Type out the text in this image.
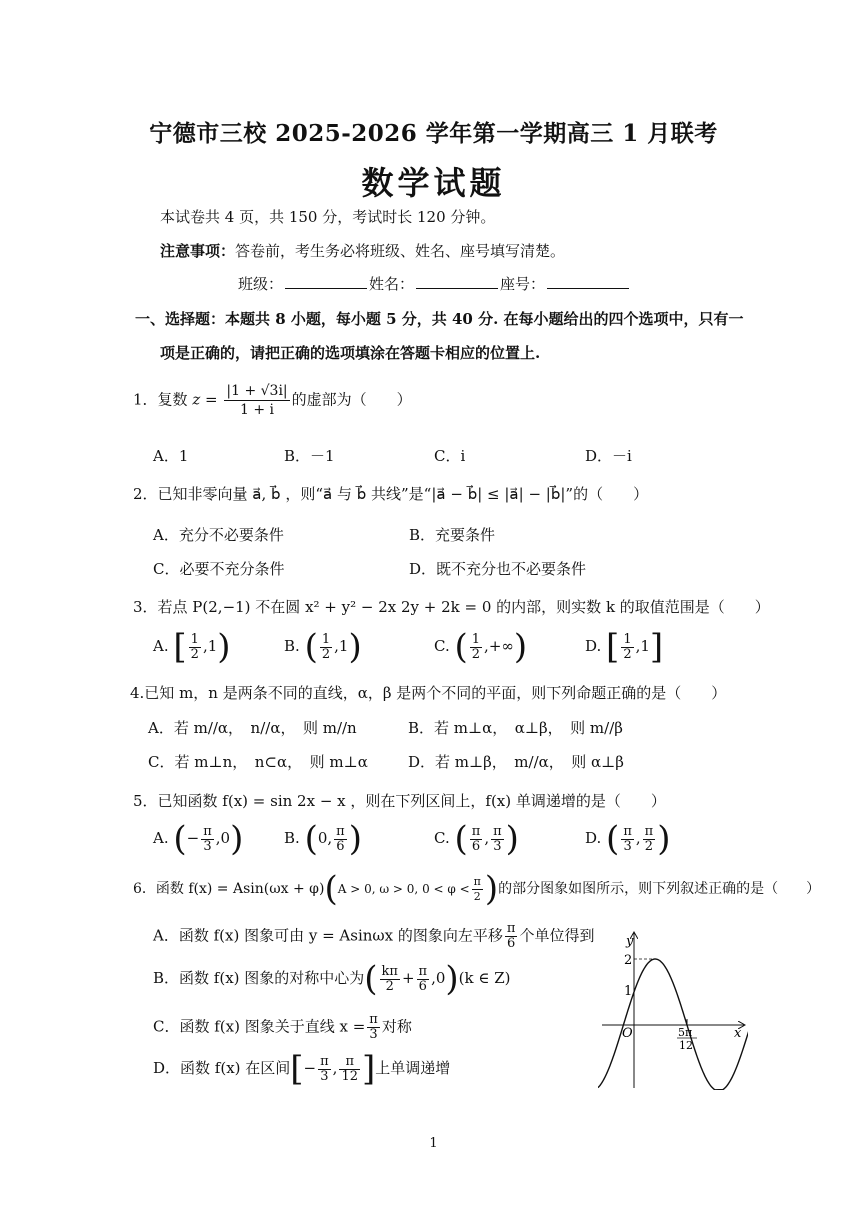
宁德市三校 2025-2026 学年第一学期高三 1 月联考
数学试题
本试卷共 4 页，共 150 分，考试时长 120 分钟。
注意事项：答卷前，考生务必将班级、姓名、座号填写清楚。
班级：	姓名：	座号：
一、选择题：本题共 8 小题，每小题 5 分，共 40 分. 在每小题给出的四个选项中，只有一
项是正确的，请把正确的选项填涂在答题卡相应的位置上.
1．复数 $z = \frac{|1 + √3i|}{1 + i}$ 的虚部为（　　）
A．1	B．－1	C．i	D．－i
2．已知非零向量 a⃗, b⃗ ，则“a⃗ 与 b⃗ 共线”是“|a⃗ − b⃗| ≤ |a⃗| − |b⃗|”的（　　）
A．充分不必要条件	B．充要条件
C．必要不充分条件	D．既不充分也不必要条件
3．若点 P(2,−1) 不在圆 x² + y² − 2x 2y + 2k = 0 的内部，则实数 k 的取值范围是（　　）
A. [ $\frac{1}{2} ,1$)	B. ( $\frac{1}{2} ,1$)	C. ( $\frac{1}{2}$ ,+∞)	D. [ $\frac{1}{2} ,1$]
4.已知 m，n 是两条不同的直线，α，β 是两个不同的平面，则下列命题正确的是（　　）
A．若 m//α，　n//α，　则 m//n	B．若 m⊥α，　α⊥β，　则 m//β
C．若 m⊥n，　n⊂α，　则 m⊥α	D．若 m⊥β，　m//α，　则 α⊥β
5．已知函数 f(x) = sin 2x − x ，则在下列区间上，f(x) 单调递增的是（　　）
A. (− $\frac{\pi}{3} ,0$)	B. (0, $\frac{\pi}{6}$ )	C. ( $\frac{\pi}{6}$ , $\frac{\pi}{3}$ )	D. ( $\frac{\pi}{3}$ , $\frac{\pi}{2}$ )
6．函数 f(x) = Asin(ωx + φ)(A > 0, ω > 0, $0 < \varphi < \frac{\pi}{2}$ )的部分图象如图所示，则下列叙述正确的是（　　）
A．函数 f(x) 图象可由 y = Asinωx 的图象向左平移 $\frac{\pi}{6}$ 个单位得到
B．函数 f(x) 图象的对称中心为( $\frac{k\pi}{2} + \frac{\pi}{6} ,0)(k$ ∈ Z)
C．函数 f(x) 图象关于直线 $x = \frac{\pi}{3}$ 对称
D．函数 f(x) 在区间[− $\frac{\pi}{3}$ , $\frac{\pi}{12}$ ]上单调递增
y
x
O
2
1
5π
12
1
